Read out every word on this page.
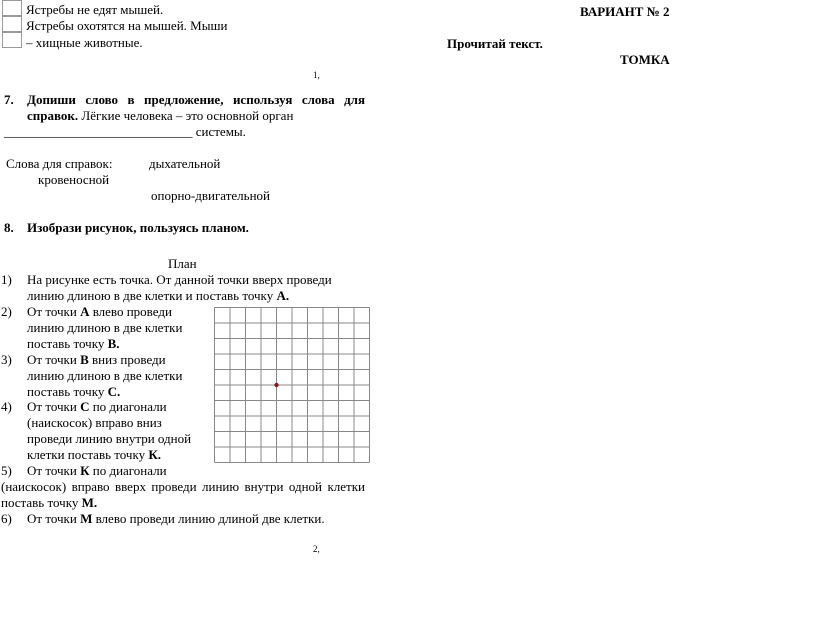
Ястребы не едят мышей.
Ястребы охотятся на мышей. Мыши
– хищные животные.
ВАРИАНТ № 2
Прочитай текст.
ТОМКА
1,
7. Допиши слово в предложение, используя слова для
справок. Лёгкие человека – это основной орган
_____________________________ системы.
Слова для справок:	дыхательной
кровеносной
опорно-двигательной
8. Изобрази рисунок, пользуясь планом.
План
1) На рисунке есть точка. От данной точки вверх проведи
линию длиною в две клетки и поставь точку А.
2) От точки А влево проведи
линию длиною в две клетки
поставь точку В.
3) От точки В вниз проведи
линию длиною в две клетки
поставь точку С.
4) От точки С по диагонали
(наискосок) вправо вниз
проведи линию внутри одной
клетки поставь точку К.
5) От точки К по диагонали
(наискосок) вправо вверх проведи линию внутри одной клетки
поставь точку М.
6) От точки М влево проведи линию длиной две клетки.
2,
